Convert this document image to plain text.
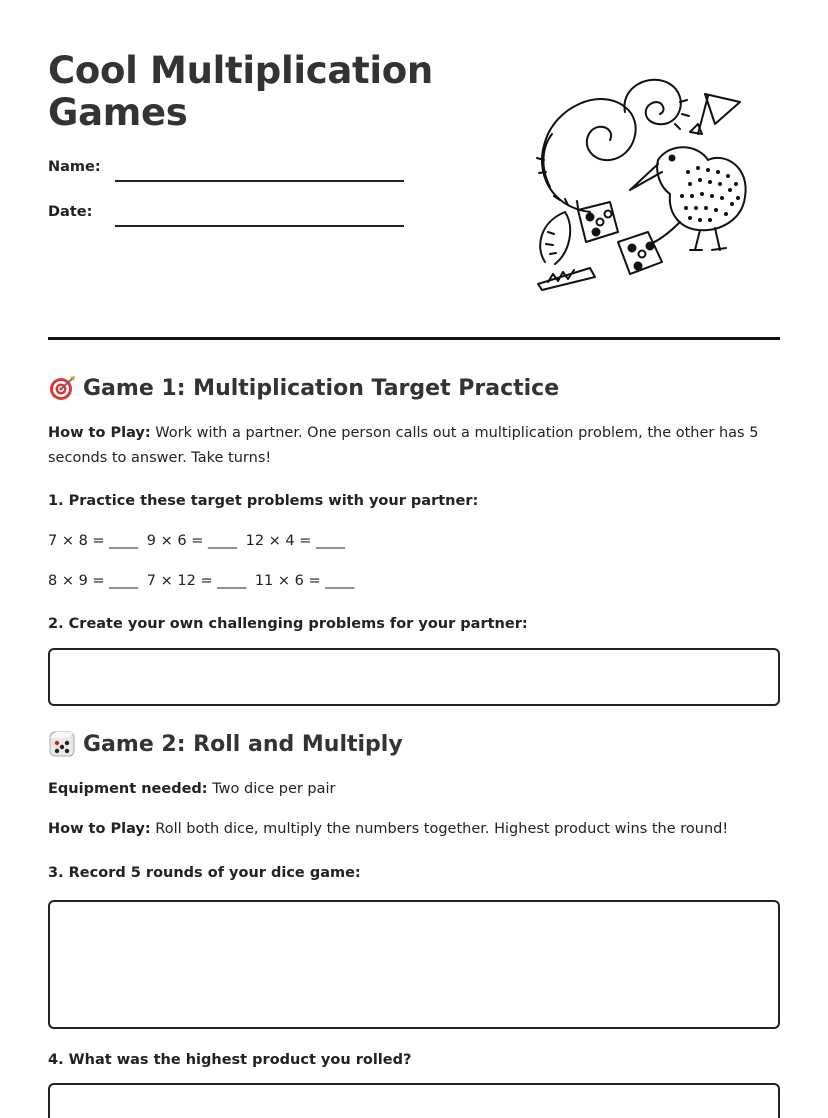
Cool Multiplication Games
Name:
Date:
Game 1: Multiplication Target Practice
How to Play: Work with a partner. One person calls out a multiplication problem, the other has 5 seconds to answer. Take turns!
1. Practice these target problems with your partner:
7 × 8 = ____ 9 × 6 = ____ 12 × 4 = ____
8 × 9 = ____ 7 × 12 = ____ 11 × 6 = ____
2. Create your own challenging problems for your partner:
Game 2: Roll and Multiply
Equipment needed: Two dice per pair
How to Play: Roll both dice, multiply the numbers together. Highest product wins the round!
3. Record 5 rounds of your dice game:
4. What was the highest product you rolled?
